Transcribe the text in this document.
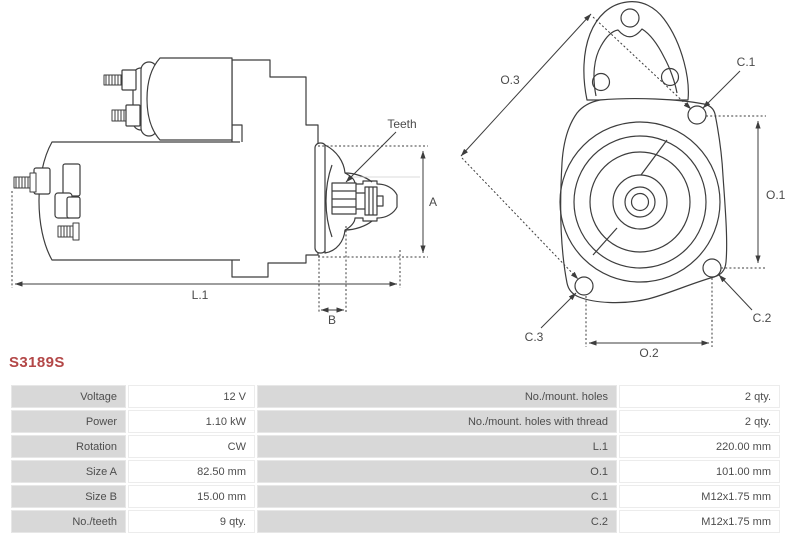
L.1
B
A
Teeth
O.3
C.1
O.1
C.2
C.3
O.2
S3189S
Voltage	12 V	No./mount. holes	2 qty.
Power	1.10 kW	No./mount. holes with thread	2 qty.
Rotation	CW	L.1	220.00 mm
Size A	82.50 mm	O.1	101.00 mm
Size B	15.00 mm	C.1	M12x1.75 mm
No./teeth	9 qty.	C.2	M12x1.75 mm
